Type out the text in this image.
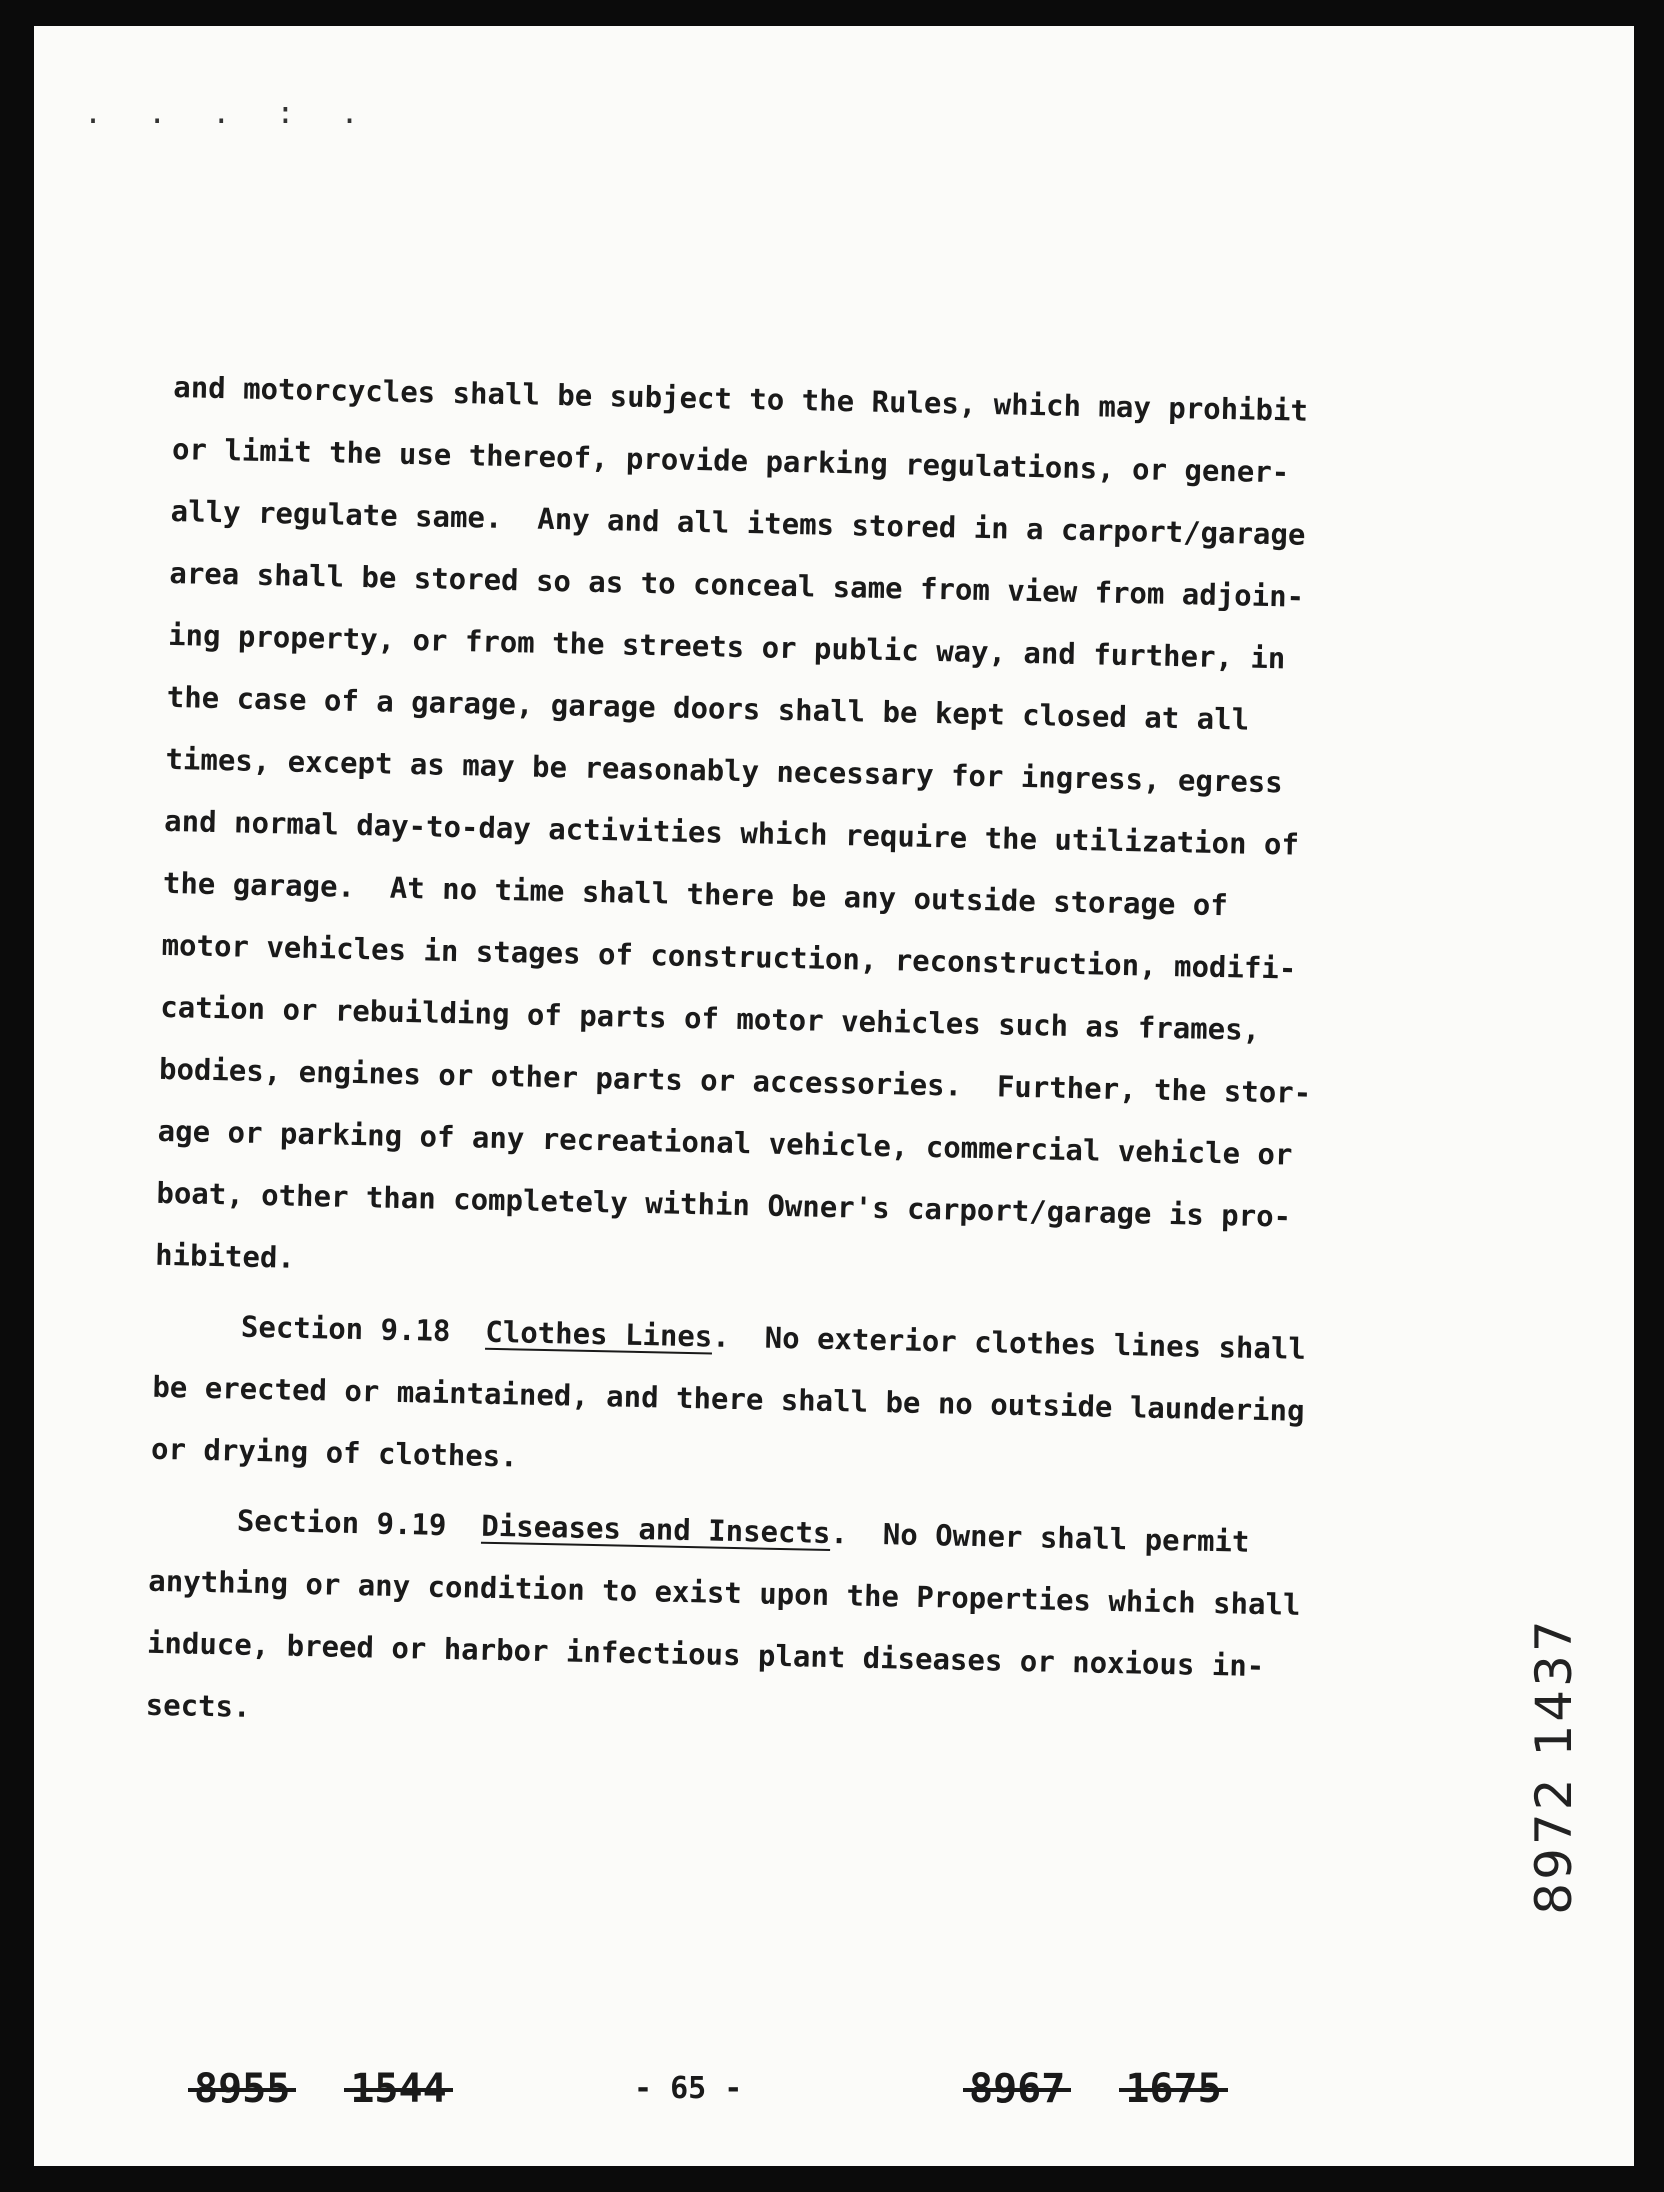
. . . : .

and motorcycles shall be subject to the Rules, which may prohibit

or limit the use thereof, provide parking regulations, or gener-

ally regulate same.  Any and all items stored in a carport/garage

area shall be stored so as to conceal same from view from adjoin-

ing property, or from the streets or public way, and further, in

the case of a garage, garage doors shall be kept closed at all

times, except as may be reasonably necessary for ingress, egress

and normal day-to-day activities which require the utilization of

the garage.  At no time shall there be any outside storage of

motor vehicles in stages of construction, reconstruction, modifi-

cation or rebuilding of parts of motor vehicles such as frames,

bodies, engines or other parts or accessories.  Further, the stor-

age or parking of any recreational vehicle, commercial vehicle or

boat, other than completely within Owner's carport/garage is pro-

hibited.

Section 9.18 Clothes Lines.  No exterior clothes lines shall

be erected or maintained, and there shall be no outside laundering

or drying of clothes.

Section 9.19 Diseases and Insects.  No Owner shall permit

anything or any condition to exist upon the Properties which shall

induce, breed or harbor infectious plant diseases or noxious in-

sects.	8972 1437
8955 1544	- 65 -	8967 1675
